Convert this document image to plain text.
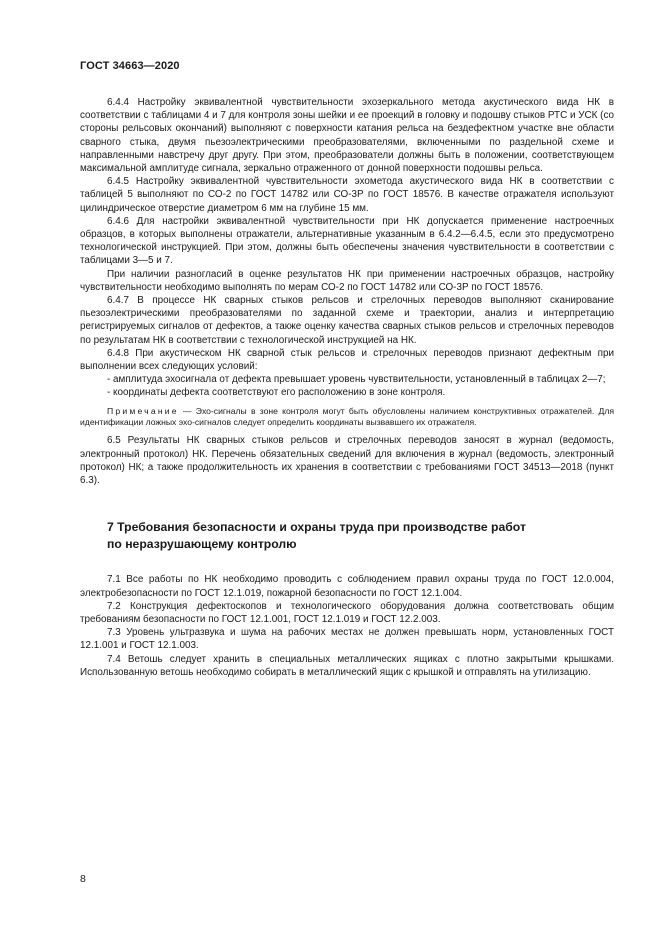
ГОСТ 34663—2020

6.4.4 Настройку эквивалентной чувствительности эхозеркального метода акустического вида НК в соответствии с таблицами 4 и 7 для контроля зоны шейки и ее проекций в головку и подошву стыков РТС и УСК (со стороны рельсовых окончаний) выполняют с поверхности катания рельса на бездефектном участке вне области сварного стыка, двумя пьезоэлектрическими преобразователями, включенными по раздельной схеме и направленными навстречу друг другу. При этом, преобразователи должны быть в положении, соответствующем максимальной амплитуде сигнала, зеркально отраженного от донной поверхности подошвы рельса.

6.4.5 Настройку эквивалентной чувствительности эхометода акустического вида НК в соответствии с таблицей 5 выполняют по СО-2 по ГОСТ 14782 или СО-3Р по ГОСТ 18576. В качестве отражателя используют цилиндрическое отверстие диаметром 6 мм на глубине 15 мм.

6.4.6 Для настройки эквивалентной чувствительности при НК допускается применение настроечных образцов, в которых выполнены отражатели, альтернативные указанным в 6.4.2—6.4.5, если это предусмотрено технологической инструкцией. При этом, должны быть обеспечены значения чувствительности в соответствии с таблицами 3—5 и 7.

При наличии разногласий в оценке результатов НК при применении настроечных образцов, настройку чувствительности необходимо выполнять по мерам СО-2 по ГОСТ 14782 или СО-3Р по ГОСТ 18576.

6.4.7 В процессе НК сварных стыков рельсов и стрелочных переводов выполняют сканирование пьезоэлектрическими преобразователями по заданной схеме и траектории, анализ и интерпретацию регистрируемых сигналов от дефектов, а также оценку качества сварных стыков рельсов и стрелочных переводов по результатам НК в соответствии с технологической инструкцией на НК.

6.4.8 При акустическом НК сварной стык рельсов и стрелочных переводов признают дефектным при выполнении всех следующих условий:

- амплитуда эхосигнала от дефекта превышает уровень чувствительности, установленный в таблицах 2—7;

- координаты дефекта соответствуют его расположению в зоне контроля.

Примечание — Эхо-сигналы в зоне контроля могут быть обусловлены наличием конструктивных отражателей. Для идентификации ложных эхо-сигналов следует определить координаты вызвавшего их отражателя.

6.5 Результаты НК сварных стыков рельсов и стрелочных переводов заносят в журнал (ведомость, электронный протокол) НК. Перечень обязательных сведений для включения в журнал (ведомость, электронный протокол) НК; а также продолжительность их хранения в соответствии с требованиями ГОСТ 34513—2018 (пункт 6.3).

7 Требования безопасности и охраны труда при производстве работ
по неразрушающему контролю

7.1 Все работы по НК необходимо проводить с соблюдением правил охраны труда по ГОСТ 12.0.004, электробезопасности по ГОСТ 12.1.019, пожарной безопасности по ГОСТ 12.1.004.

7.2 Конструкция дефектоскопов и технологического оборудования должна соответствовать общим требованиям безопасности по ГОСТ 12.1.001, ГОСТ 12.1.019 и ГОСТ 12.2.003.

7.3 Уровень ультразвука и шума на рабочих местах не должен превышать норм, установленных ГОСТ 12.1.001 и ГОСТ 12.1.003.

7.4 Ветошь следует хранить в специальных металлических ящиках с плотно закрытыми крышками. Использованную ветошь необходимо собирать в металлический ящик с крышкой и отправлять на утилизацию.

8
